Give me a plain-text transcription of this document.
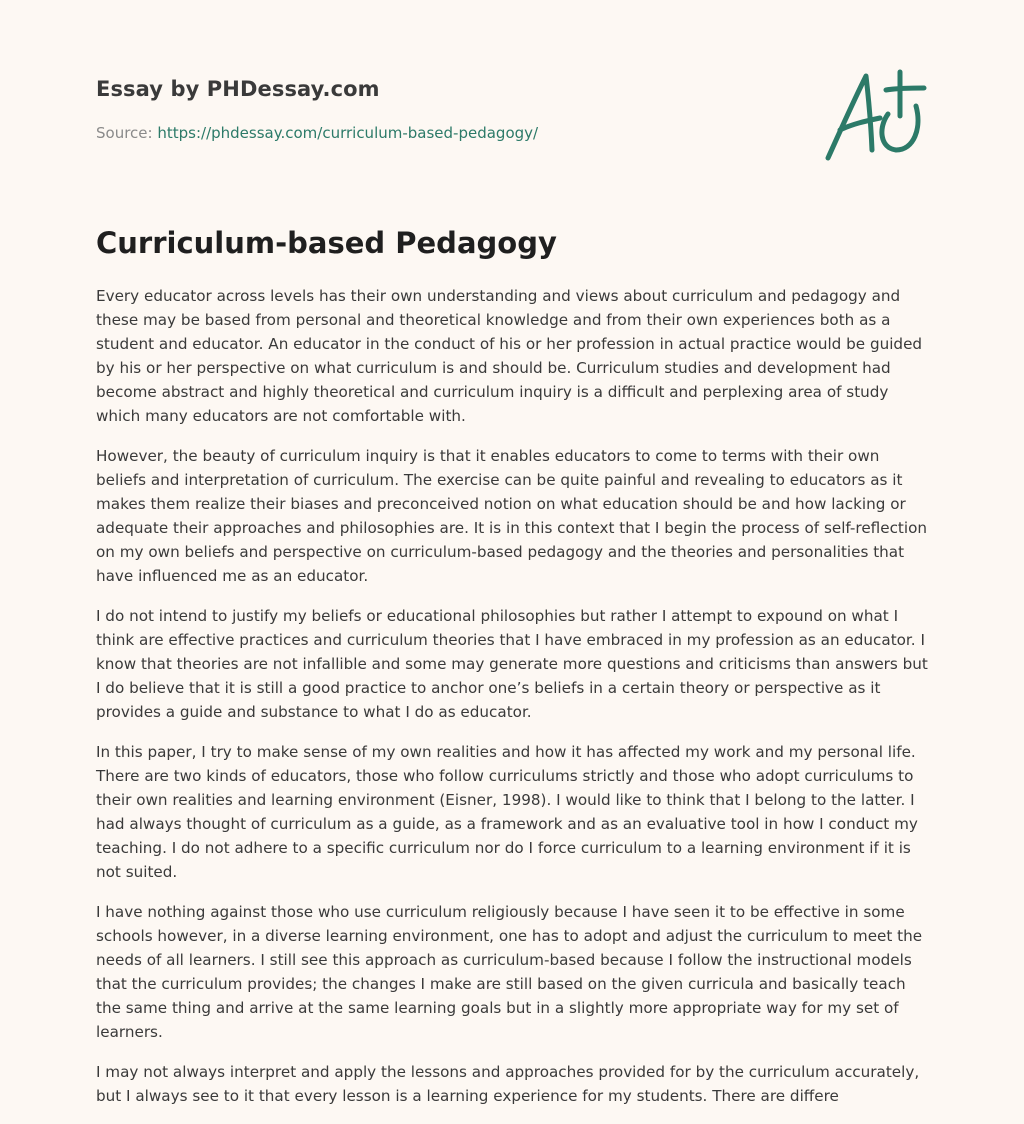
Essay by PHDessay.com
Source: https://phdessay.com/curriculum-based-pedagogy/
Curriculum-based Pedagogy

Every educator across levels has their own understanding and views about curriculum and pedagogy and these may be based from personal and theoretical knowledge and from their own experiences both as a student and educator. An educator in the conduct of his or her profession in actual practice would be guided by his or her perspective on what curriculum is and should be. Curriculum studies and development had become abstract and highly theoretical and curriculum inquiry is a difficult and perplexing area of study which many educators are not comfortable with.

However, the beauty of curriculum inquiry is that it enables educators to come to terms with their own beliefs and interpretation of curriculum. The exercise can be quite painful and revealing to educators as it makes them realize their biases and preconceived notion on what education should be and how lacking or adequate their approaches and philosophies are. It is in this context that I begin the process of self-reflection on my own beliefs and perspective on curriculum-based pedagogy and the theories and personalities that have influenced me as an educator.

I do not intend to justify my beliefs or educational philosophies but rather I attempt to expound on what I think are effective practices and curriculum theories that I have embraced in my profession as an educator. I know that theories are not infallible and some may generate more questions and criticisms than answers but I do believe that it is still a good practice to anchor one’s beliefs in a certain theory or perspective as it provides a guide and substance to what I do as educator.

In this paper, I try to make sense of my own realities and how it has affected my work and my personal life. There are two kinds of educators, those who follow curriculums strictly and those who adopt curriculums to their own realities and learning environment (Eisner, 1998). I would like to think that I belong to the latter. I had always thought of curriculum as a guide, as a framework and as an evaluative tool in how I conduct my teaching. I do not adhere to a specific curriculum nor do I force curriculum to a learning environment if it is not suited.

I have nothing against those who use curriculum religiously because I have seen it to be effective in some schools however, in a diverse learning environment, one has to adopt and adjust the curriculum to meet the needs of all learners. I still see this approach as curriculum-based because I follow the instructional models that the curriculum provides; the changes I make are still based on the given curricula and basically teach the same thing and arrive at the same learning goals but in a slightly more appropriate way for my set of learners.

I may not always interpret and apply the lessons and approaches provided for by the curriculum accurately, but I always see to it that every lesson is a learning experience for my students. There are differe
